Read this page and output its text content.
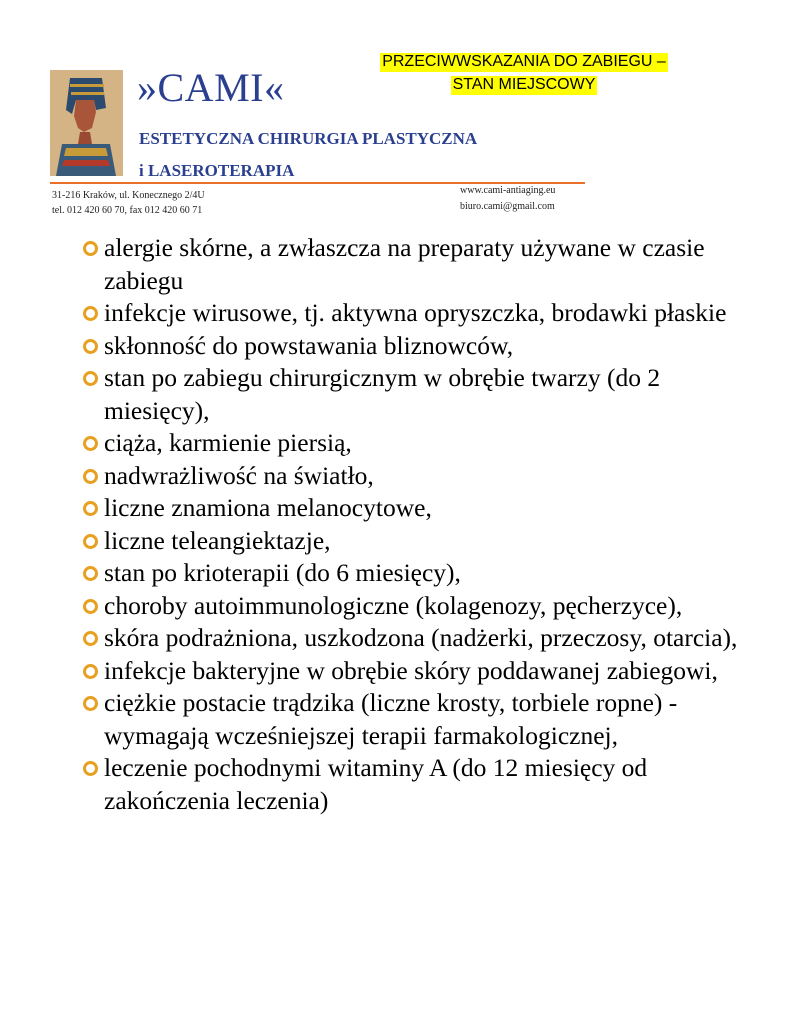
»CAMI«
ESTETYCZNA CHIRURGIA PLASTYCZNA
i LASEROTERAPIA
31-216 Kraków, ul. Konecznego 2/4U
tel. 012 420 60 70, fax 012 420 60 71
www.cami-antiaging.eu
biuro.cami@gmail.com
PRZECIWWSKAZANIA DO ZABIEGU –
STAN MIEJSCOWY
alergie skórne, a zwłaszcza na preparaty używane w czasie zabiegu
infekcje wirusowe, tj. aktywna opryszczka, brodawki płaskie
skłonność do powstawania bliznowców,
stan po zabiegu chirurgicznym w obrębie twarzy (do 2 miesięcy),
ciąża, karmienie piersią,
nadwrażliwość na światło,
liczne znamiona melanocytowe,
liczne teleangiektazje,
stan po krioterapii (do 6 miesięcy),
choroby autoimmunologiczne (kolagenozy, pęcherzyce),
skóra podrażniona, uszkodzona (nadżerki, przeczosy, otarcia),
infekcje bakteryjne w obrębie skóry poddawanej zabiegowi,
ciężkie postacie trądzika (liczne krosty, torbiele ropne) - wymagają wcześniejszej terapii farmakologicznej,
leczenie pochodnymi witaminy A (do 12 miesięcy od zakończenia leczenia)
